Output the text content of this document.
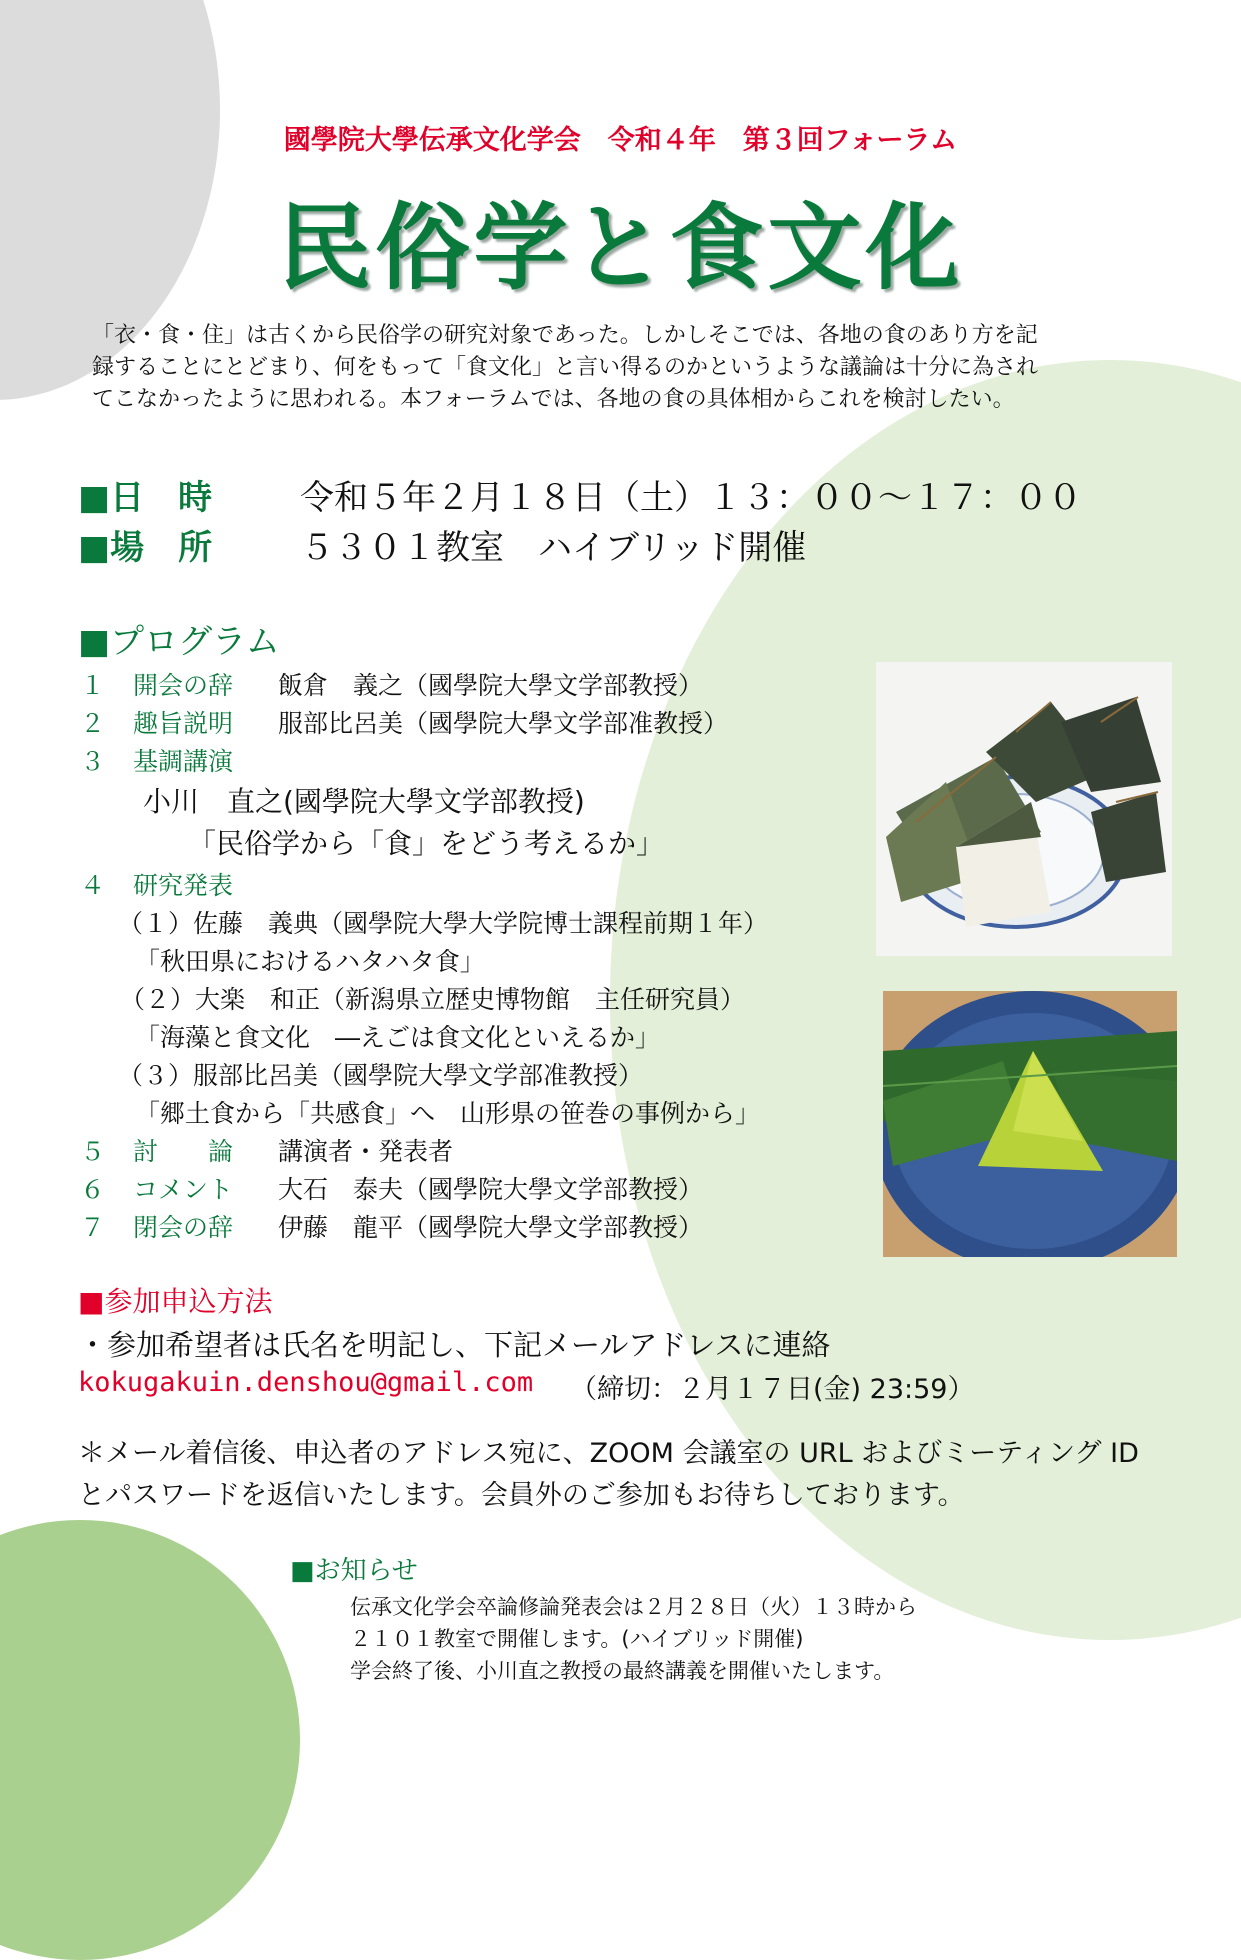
國學院大學伝承文化学会　令和４年　第３回フォーラム
民俗学と食文化
「衣・食・住」は古くから民俗学の研究対象であった。しかしそこでは、各地の食のあり方を記
録することにとどまり、何をもって「食文化」と言い得るのかというような議論は十分に為され
てこなかったように思われる。本フォーラムでは、各地の食の具体相からこれを検討したい。
■日　時	令和５年２月１８日（土）１３：００～１７：００
■場　所	５３０１教室　ハイブリッド開催
■プログラム
１ 開会の辞 飯倉　義之（國學院大學文学部教授）
２ 趣旨説明 服部比呂美（國學院大學文学部准教授）
３ 基調講演
小川　直之(國學院大學文学部教授)
「民俗学から「食」をどう考えるか」
４ 研究発表
（１）佐藤　義典（國學院大學大学院博士課程前期１年）
「秋田県におけるハタハタ食」
（２）大楽　和正（新潟県立歴史博物館　主任研究員）
「海藻と食文化　―えごは食文化といえるか」
（３）服部比呂美（國學院大學文学部准教授）
「郷土食から「共感食」へ　山形県の笹巻の事例から」
５ 討　　論 講演者・発表者
６ コメント 大石　泰夫（國學院大學文学部教授）
７ 閉会の辞 伊藤　龍平（國學院大學文学部教授）
■参加申込方法
・参加希望者は氏名を明記し、下記メールアドレスに連絡
kokugakuin.denshou@gmail.com （締切：２月１７日(金) 23:59）
＊メール着信後、申込者のアドレス宛に、ZOOM 会議室の URL およびミーティング ID
とパスワードを返信いたします。会員外のご参加もお待ちしております。
■お知らせ
伝承文化学会卒論修論発表会は２月２８日（火）１３時から
２１０１教室で開催します。(ハイブリッド開催)
学会終了後、小川直之教授の最終講義を開催いたします。
